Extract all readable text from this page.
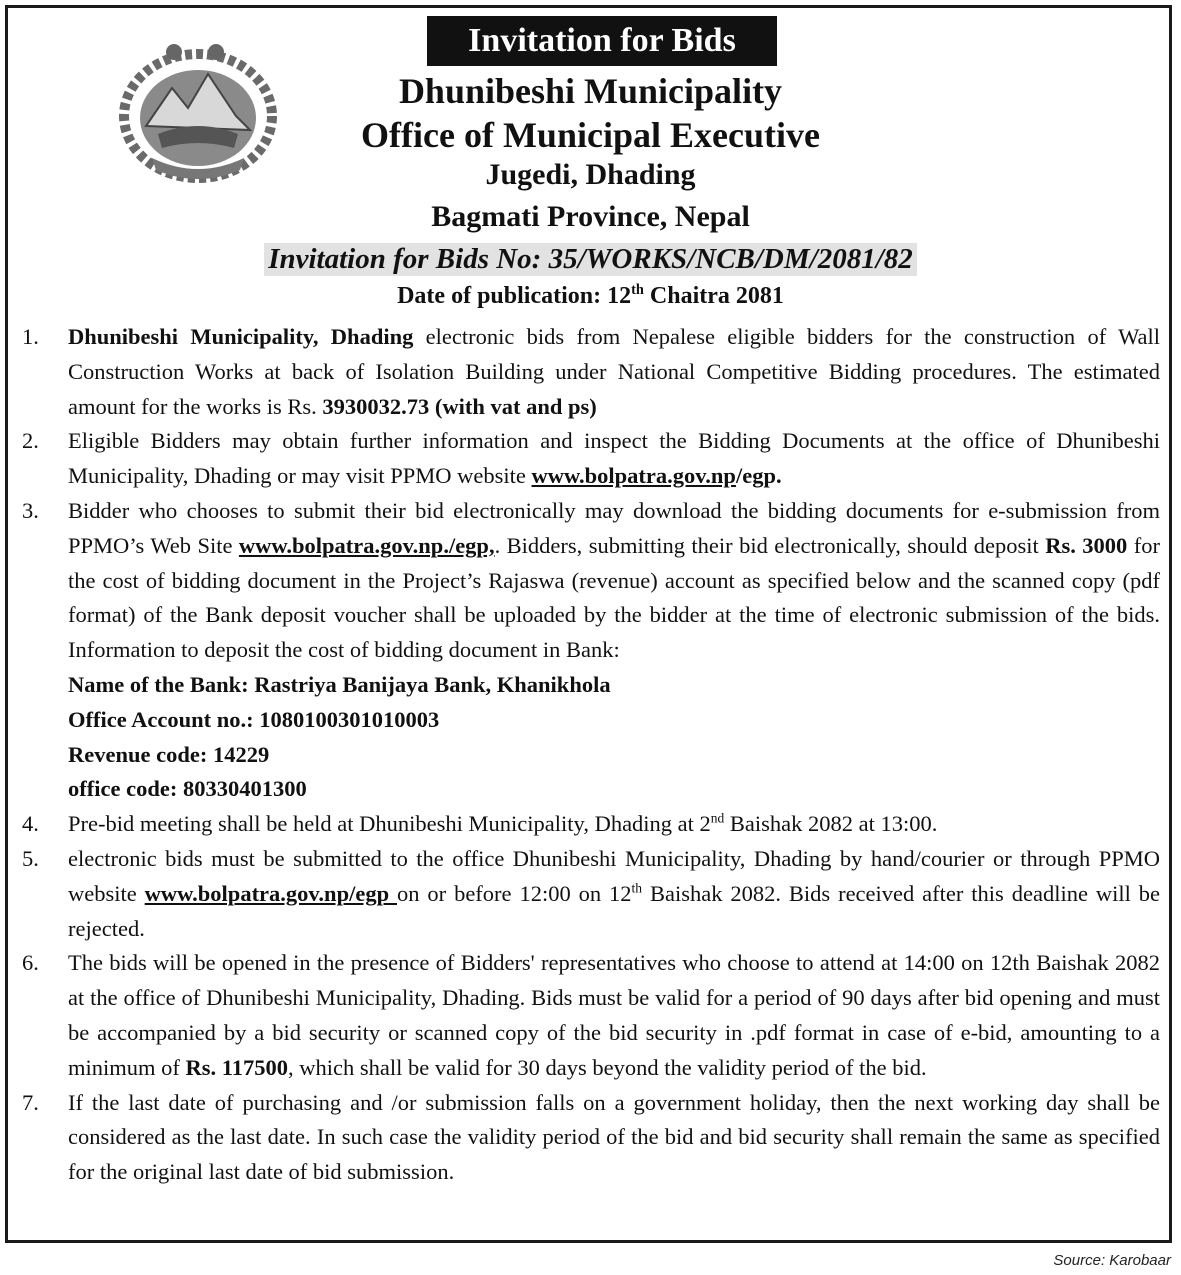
Invitation for Bids
Dhunibeshi Municipality
Office of Municipal Executive
Jugedi, Dhading
Bagmati Province, Nepal
Invitation for Bids No: 35/WORKS/NCB/DM/2081/82
Date of publication: 12th Chaitra 2081
1.	Dhunibeshi Municipality, Dhading electronic bids from Nepalese eligible bidders for the construction of Wall Construction Works at back of Isolation Building under National Competitive Bidding procedures. The estimated amount for the works is Rs. 3930032.73 (with vat and ps)
2.	Eligible Bidders may obtain further information and inspect the Bidding Documents at the office of Dhunibeshi Municipality, Dhading or may visit PPMO website www.bolpatra.gov.np/egp.
3.	Bidder who chooses to submit their bid electronically may download the bidding documents for e-submission from PPMO’s Web Site www.bolpatra.gov.np./egp,. Bidders, submitting their bid electronically, should deposit Rs. 3000 for the cost of bidding document in the Project’s Rajaswa (revenue) account as specified below and the scanned copy (pdf format) of the Bank deposit voucher shall be uploaded by the bidder at the time of electronic submission of the bids. Information to deposit the cost of bidding document in Bank:
Name of the Bank: Rastriya Banijaya Bank, Khanikhola
Office Account no.: 1080100301010003
Revenue code: 14229
office code: 80330401300
4.	Pre-bid meeting shall be held at Dhunibeshi Municipality, Dhading at 2nd Baishak 2082 at 13:00.
5.	electronic bids must be submitted to the office Dhunibeshi Municipality, Dhading by hand/courier or through PPMO website www.bolpatra.gov.np/egp on or before 12:00 on 12th Baishak 2082. Bids received after this deadline will be rejected.
6.	The bids will be opened in the presence of Bidders' representatives who choose to attend at 14:00 on 12th Baishak 2082 at the office of Dhunibeshi Municipality, Dhading. Bids must be valid for a period of 90 days after bid opening and must be accompanied by a bid security or scanned copy of the bid security in .pdf format in case of e-bid, amounting to a minimum of Rs. 117500, which shall be valid for 30 days beyond the validity period of the bid.
7.	If the last date of purchasing and /or submission falls on a government holiday, then the next working day shall be considered as the last date. In such case the validity period of the bid and bid security shall remain the same as specified for the original last date of bid submission.
Source: Karobaar
